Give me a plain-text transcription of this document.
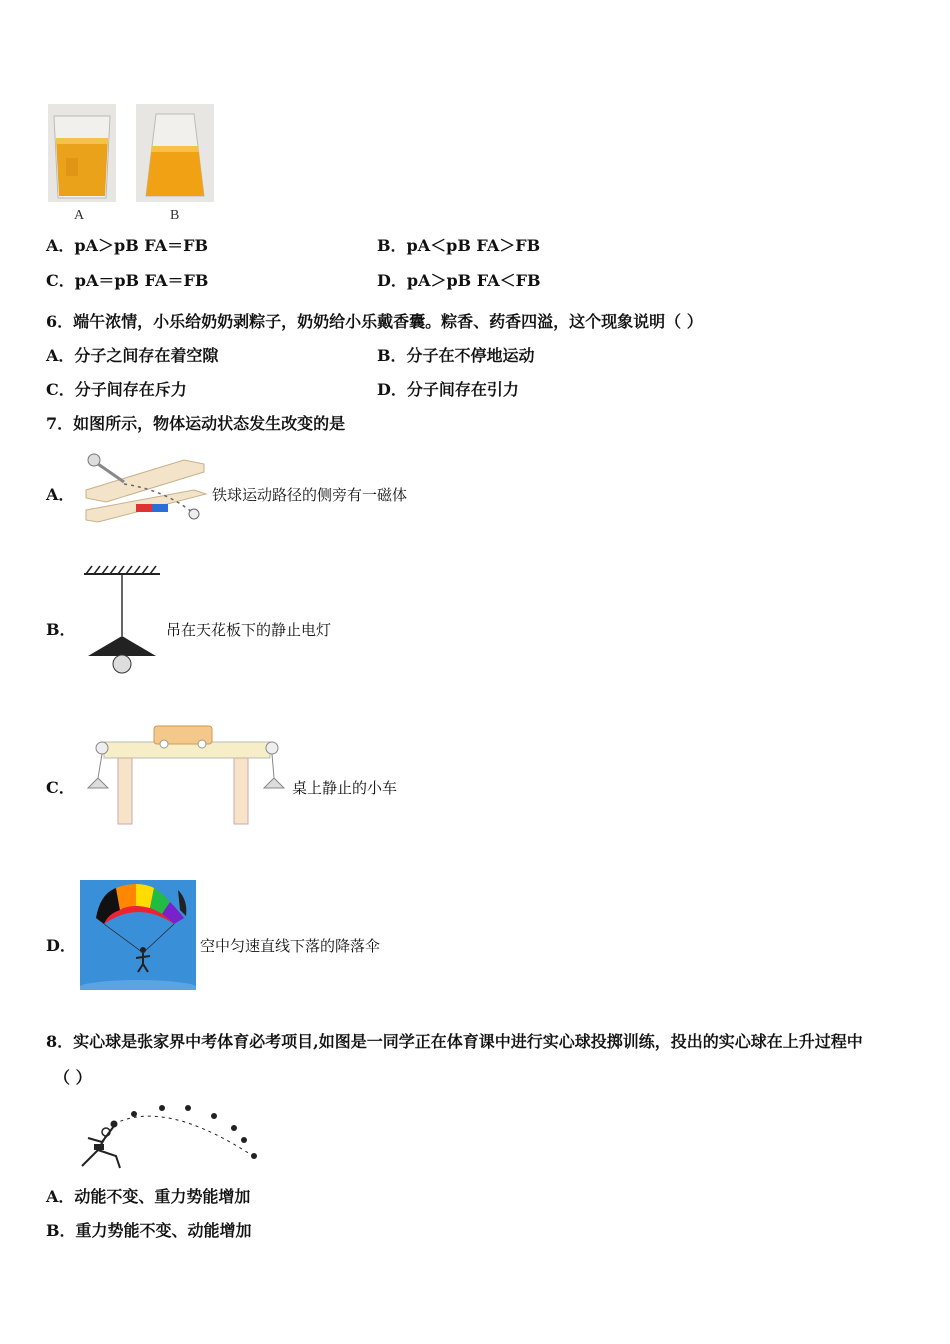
A	B
A．pA＞pB FA＝FB	B．pA＜pB FA＞FB
C．pA＝pB FA＝FB	D．pA＞pB FA＜FB
6．端午浓情，小乐给奶奶剥粽子，奶奶给小乐戴香囊。粽香、药香四溢，这个现象说明（ ）
A．分子之间存在着空隙	B．分子在不停地运动
C．分子间存在斥力	D．分子间存在引力
7．如图所示，物体运动状态发生改变的是
A．	铁球运动路径的侧旁有一磁体
B．	吊在天花板下的静止电灯
C．	桌上静止的小车
D．	空中匀速直线下落的降落伞
8．实心球是张家界中考体育必考项目,如图是一同学正在体育课中进行实心球投掷训练，投出的实心球在上升过程中
（ ）
A．动能不变、重力势能增加
B．重力势能不变、动能增加
